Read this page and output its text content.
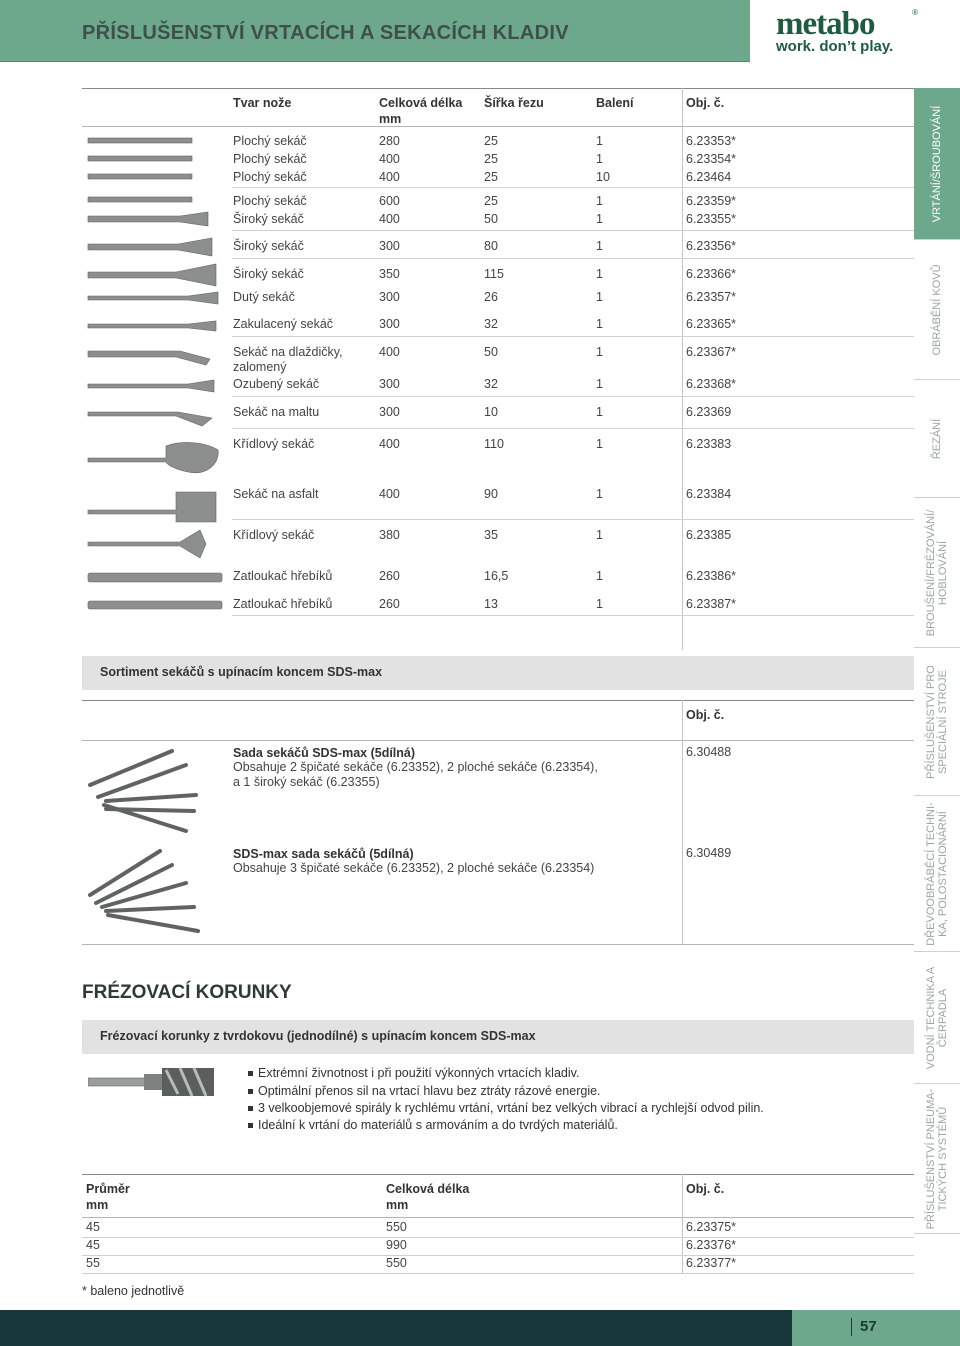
PŘÍSLUŠENSTVÍ VRTACÍCH A SEKACÍCH KLADIV	metabo
work. don’t play.
®
Tvar nože	Celková délka
mm
Šířka řezu	Balení	Obj. č.
Plochý sekáč	280	25	1	6.23353*
Plochý sekáč	400	25	1	6.23354*
Plochý sekáč	400	25	10	6.23464
Plochý sekáč	600	25	1	6.23359*
Široký sekáč	400	50	1	6.23355*
Široký sekáč	300	80	1	6.23356*
Široký sekáč	350	115	1	6.23366*
Dutý sekáč	300	26	1	6.23357*
Zakulacený sekáč	300	32	1	6.23365*
Sekáč na dlaždičky,
zalomený
400	50	1	6.23367*
Ozubený sekáč	300	32	1	6.23368*
Sekáč na maltu	300	10	1	6.23369
Křídlový sekáč	400	110	1	6.23383
Sekáč na asfalt	400	90	1	6.23384
Křídlový sekáč	380	35	1	6.23385
Zatloukač hřebíků	260	16,5	1	6.23386*
Zatloukač hřebíků	260	13	1	6.23387*
Sortiment sekáčů s upínacím koncem SDS-max
Obj. č.
Sada sekáčů SDS-max (5dílná)
Obsahuje 2 špičaté sekáče (6.23352), 2 ploché sekáče (6.23354),
a 1 široký sekáč (6.23355)
6.30488
SDS-max sada sekáčů (5dílná)
Obsahuje 3 špičaté sekáče (6.23352), 2 ploché sekáče (6.23354)
6.30489
FRÉZOVACÍ KORUNKY
Frézovací korunky z tvrdokovu (jednodílné) s upínacím koncem SDS-max
Extrémní živnotnost i při použití výkonných vrtacích kladiv.
Optimální přenos sil na vrtací hlavu bez ztráty rázové energie.
3 velkoobjemové spirály k rychlému vrtání, vrtání bez velkých vibrací a rychlejší odvod pilin.
Ideální k vrtání do materiálů s armováním a do tvrdých materiálů.
Průměr
mm
Celková délka
mm
Obj. č.
45	550	6.23375*
45	990	6.23376*
55	550	6.23377*
* baleno jednotlivě
VRTÁNÍ/ŠROUBOVÁNÍ
OBRÁBĚNÍ KOVŮ
ŘEZÁNÍ
BROUŠENÍ/FRÉZOVÁNÍ/ HOBLOVÁNÍ
PŘÍSLUŠENSTVÍ PRO SPECIÁLNÍ STROJE
DŘEVOOBRÁBĚCÍ TECHNI- KA, POLOSTACIONÁRNÍ
VODNÍ TECHNIKA A ČERPADLA
PŘÍSLUŠENSTVÍ PNEUMA- TICKÝCH SYSTÉMŮ
57
